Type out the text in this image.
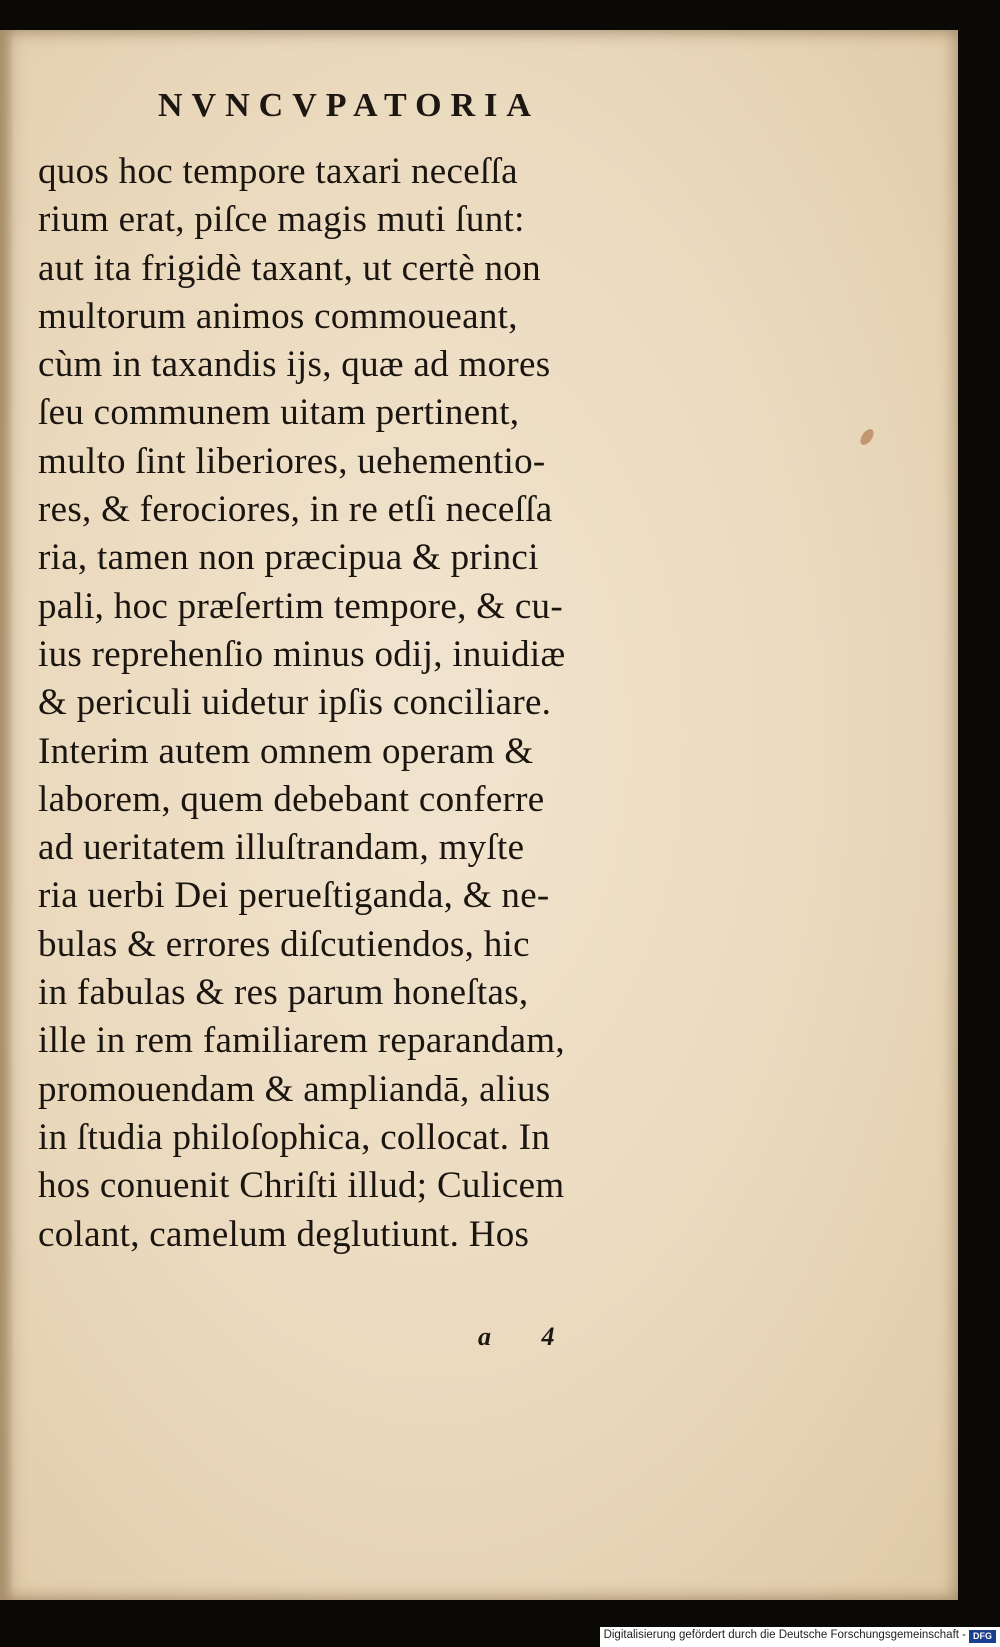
NVNCVPATORIA
quos hoc tempore taxari neceſſa
rium erat, piſce magis muti ſunt:
aut ita frigidè taxant, ut certè non
multorum animos commoueant,
cùm in taxandis ijs, quæ ad mores
ſeu communem uitam pertinent,
multo ſint liberiores, uehementio-
res, & ferociores, in re etſi neceſſa
ria, tamen non præcipua & princi
pali, hoc præſertim tempore, & cu-
ius reprehenſio minus odij, inuidiæ
& periculi uidetur ipſis conciliare.
Interim autem omnem operam &
laborem, quem debebant conferre
ad ueritatem illuſtrandam, myſte
ria uerbi Dei perueſtiganda, & ne-
bulas & errores diſcutiendos, hic
in fabulas & res parum honeſtas,
ille in rem familiarem reparandam,
promouendam & ampliandā, alius
in ſtudia philoſophica, collocat. In
hos conuenit Chriſti illud; Culicem
colant, camelum deglutiunt. Hos
a 4
Digitalisierung gefördert durch die Deutsche Forschungsgemeinschaft - DFG
